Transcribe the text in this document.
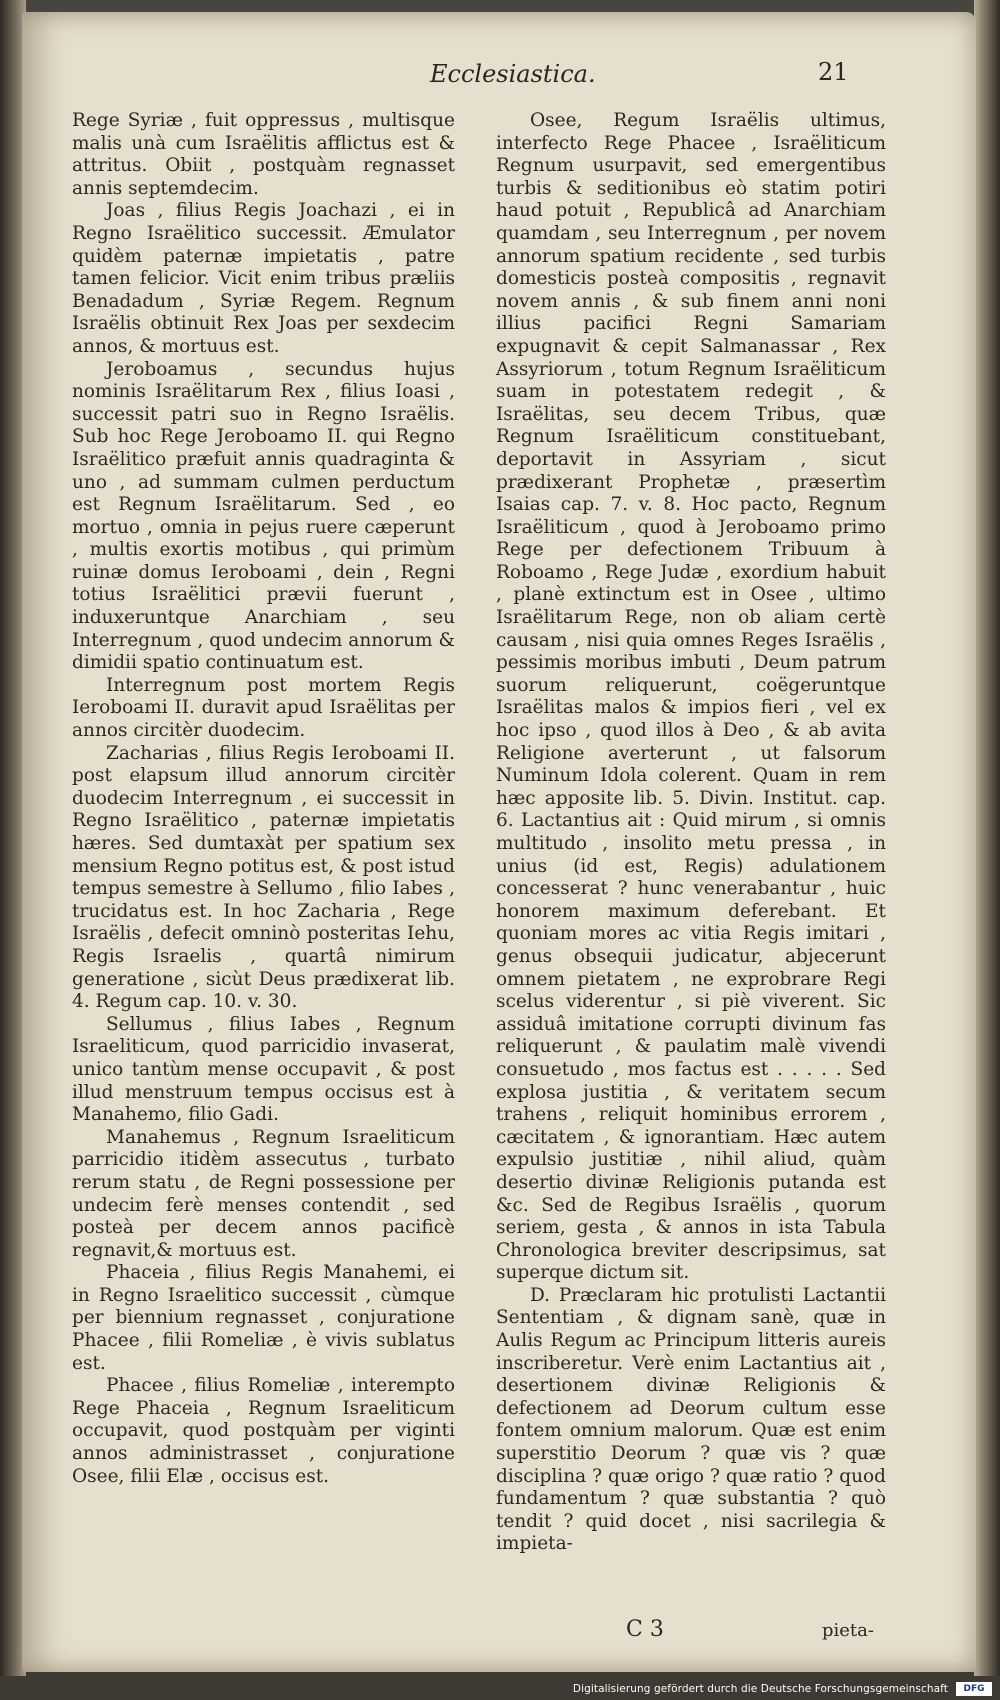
Ecclesiastica.	21

Rege Syriæ , fuit oppressus , multisque malis unà cum Israëlitis afflictus est & attritus. Obiit , postquàm regnasset annis septemdecim.

Joas , filius Regis Joachazi , ei in Regno Israëlitico successit. Æmulator quidèm paternæ impietatis , patre tamen felicior. Vicit enim tribus præliis Benadadum , Syriæ Regem. Regnum Israëlis obtinuit Rex Joas per sexdecim annos, & mortuus est.

Jeroboamus , secundus hujus nominis Israëlitarum Rex , filius Ioasi , successit patri suo in Regno Israëlis. Sub hoc Rege Jeroboamo II. qui Regno Israëlitico præfuit annis quadraginta & uno , ad summam culmen perductum est Regnum Israëlitarum. Sed , eo mortuo , omnia in pejus ruere cæperunt , multis exortis motibus , qui primùm ruinæ domus Ieroboami , dein , Regni totius Israëlitici prævii fuerunt , induxeruntque Anarchiam , seu Interregnum , quod undecim annorum & dimidii spatio continuatum est.

Interregnum post mortem Regis Ieroboami II. duravit apud Israëlitas per annos circitèr duodecim.

Zacharias , filius Regis Ieroboami II. post elapsum illud annorum circitèr duodecim Interregnum , ei successit in Regno Israëlitico , paternæ impietatis hæres. Sed dumtaxàt per spatium sex mensium Regno potitus est, & post istud tempus semestre à Sellumo , filio Iabes , trucidatus est. In hoc Zacharia , Rege Israëlis , defecit omninò posteritas Iehu, Regis Israelis , quartâ nimirum generatione , sicùt Deus prædixerat lib. 4. Regum cap. 10. v. 30.

Sellumus , filius Iabes , Regnum Israeliticum, quod parricidio invaserat, unico tantùm mense occupavit , & post illud menstruum tempus occisus est à Manahemo, filio Gadi.

Manahemus , Regnum Israeliticum parricidio itidèm assecutus , turbato rerum statu , de Regni possessione per undecim ferè menses contendit , sed posteà per decem annos pacificè regnavit,& mortuus est.

Phaceia , filius Regis Manahemi, ei in Regno Israelitico successit , cùmque per biennium regnasset , conjuratione Phacee , filii Romeliæ , è vivis sublatus est.

Phacee , filius Romeliæ , interempto Rege Phaceia , Regnum Israeliticum occupavit, quod postquàm per viginti annos administrasset , conjuratione Osee, filii Elæ , occisus est.

Osee, Regum Israëlis ultimus, interfecto Rege Phacee , Israëliticum Regnum usurpavit, sed emergentibus turbis & seditionibus eò statim potiri haud potuit , Republicâ ad Anarchiam quamdam , seu Interregnum , per novem annorum spatium recidente , sed turbis domesticis posteà compositis , regnavit novem annis , & sub finem anni noni illius pacifici Regni Samariam expugnavit & cepit Salmanassar , Rex Assyriorum , totum Regnum Israëliticum suam in potestatem redegit , & Israëlitas, seu decem Tribus, quæ Regnum Israëliticum constituebant, deportavit in Assyriam , sicut prædixerant Prophetæ , præsertìm Isaias cap. 7. v. 8. Hoc pacto, Regnum Israëliticum , quod à Jeroboamo primo Rege per defectionem Tribuum à Roboamo , Rege Judæ , exordium habuit , planè extinctum est in Osee , ultimo Israëlitarum Rege, non ob aliam certè causam , nisi quia omnes Reges Israëlis , pessimis moribus imbuti , Deum patrum suorum reliquerunt, coëgeruntque Israëlitas malos & impios fieri , vel ex hoc ipso , quod illos à Deo , & ab avita Religione averterunt , ut falsorum Numinum Idola colerent. Quam in rem hæc apposite lib. 5. Divin. Institut. cap. 6. Lactantius ait : Quid mirum , si omnis multitudo , insolito metu pressa , in unius (id est, Regis) adulationem concesserat ? hunc venerabantur , huic honorem maximum deferebant. Et quoniam mores ac vitia Regis imitari , genus obsequii judicatur, abjecerunt omnem pietatem , ne exprobrare Regi scelus viderentur , si piè viverent. Sic assiduâ imitatione corrupti divinum fas reliquerunt , & paulatim malè vivendi consuetudo , mos factus est . . . . . Sed explosa justitia , & veritatem secum trahens , reliquit hominibus errorem , cæcitatem , & ignorantiam. Hæc autem expulsio justitiæ , nihil aliud, quàm desertio divinæ Religionis putanda est &c. Sed de Regibus Israëlis , quorum seriem, gesta , & annos in ista Tabula Chronologica breviter descripsimus, sat superque dictum sit.

D. Præclaram hic protulisti Lactantii Sententiam , & dignam sanè, quæ in Aulis Regum ac Principum litteris aureis inscriberetur. Verè enim Lactantius ait , desertionem divinæ Religionis & defectionem ad Deorum cultum esse fontem omnium malorum. Quæ est enim superstitio Deorum ? quæ vis ? quæ disciplina ? quæ origo ? quæ ratio ? quod fundamentum ? quæ substantia ? quò tendit ? quid docet , nisi sacrilegia & impieta-

C 3	pieta-
Digitalisierung gefördert durch die Deutsche Forschungsgemeinschaft	DFG
